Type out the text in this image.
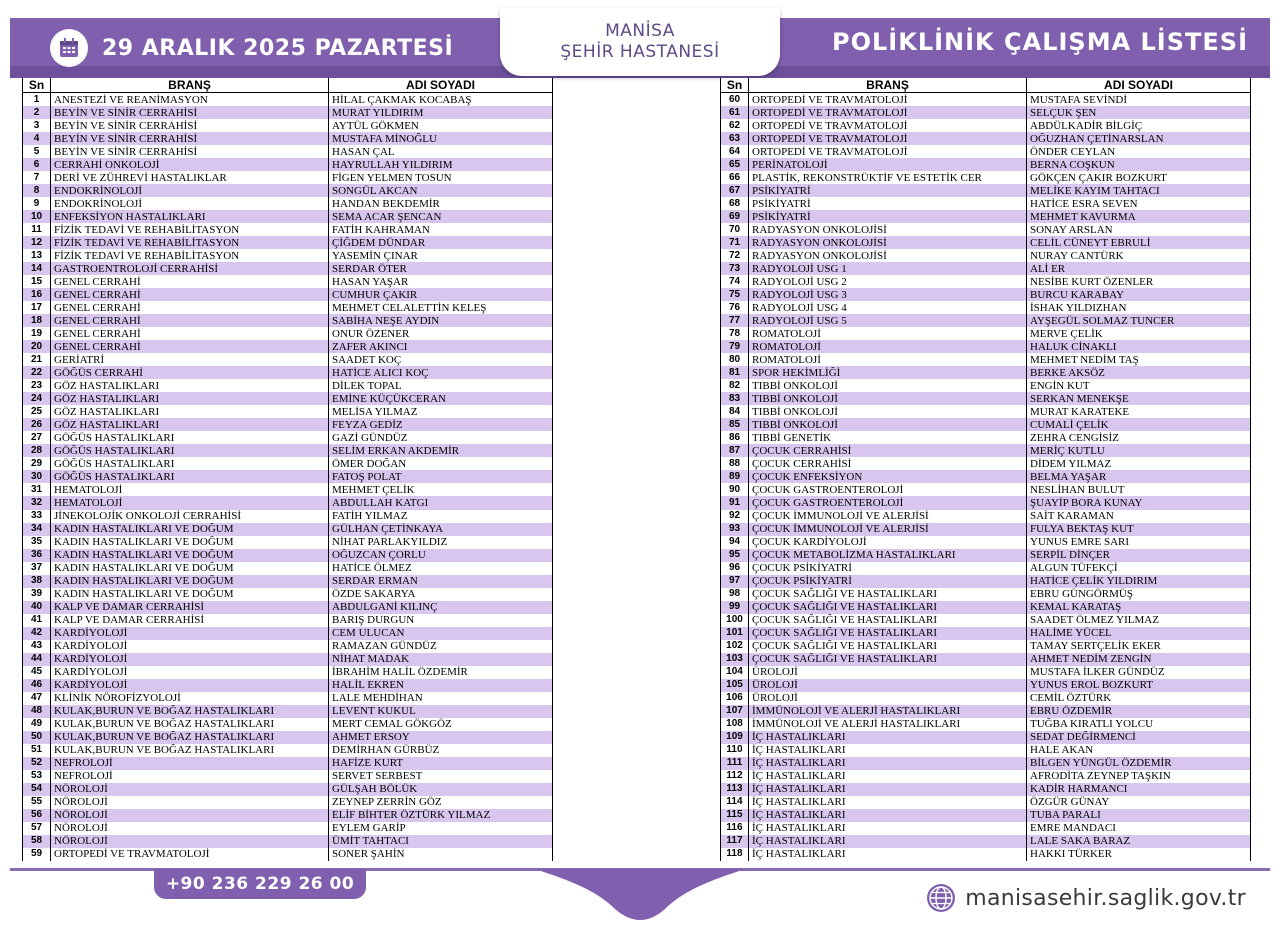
29 ARALIK 2025 PAZARTESİ
MANİSA
ŞEHİR HASTANESİ	POLİKLİNİK ÇALIŞMA LİSTESİ
Sn	BRANŞ	ADI SOYADI
1	ANESTEZİ VE REANİMASYON	HİLAL ÇAKMAK KOCABAŞ
2	BEYİN VE SİNİR CERRAHİSİ	MURAT YILDIRIM
3	BEYİN VE SİNİR CERRAHİSİ	AYTÜL GÖKMEN
4	BEYİN VE SİNİR CERRAHİSİ	MUSTAFA MİNOĞLU
5	BEYİN VE SİNİR CERRAHİSİ	HASAN ÇAL
6	CERRAHİ ONKOLOJİ	HAYRULLAH YILDIRIM
7	DERİ VE ZÜHREVİ HASTALIKLAR	FİGEN YELMEN TOSUN
8	ENDOKRİNOLOJİ	SONGÜL AKCAN
9	ENDOKRİNOLOJİ	HANDAN BEKDEMİR
10	ENFEKSİYON HASTALIKLARI	SEMA ACAR ŞENCAN
11	FİZİK TEDAVİ VE REHABİLİTASYON	FATİH KAHRAMAN
12	FİZİK TEDAVİ VE REHABİLİTASYON	ÇİĞDEM DÜNDAR
13	FİZİK TEDAVİ VE REHABİLİTASYON	YASEMİN ÇINAR
14	GASTROENTROLOJİ CERRAHİSİ	SERDAR ÖTER
15	GENEL CERRAHİ	HASAN YAŞAR
16	GENEL CERRAHİ	CUMHUR ÇAKIR
17	GENEL CERRAHİ	MEHMET CELALETTİN KELEŞ
18	GENEL CERRAHİ	SABİHA NEŞE AYDIN
19	GENEL CERRAHİ	ONUR ÖZENER
20	GENEL CERRAHİ	ZAFER AKINCI
21	GERİATRİ	SAADET KOÇ
22	GÖĞÜS CERRAHİ	HATİCE ALICI KOÇ
23	GÖZ HASTALIKLARI	DİLEK TOPAL
24	GÖZ HASTALIKLARI	EMİNE KÜÇÜKCERAN
25	GÖZ HASTALIKLARI	MELİSA YILMAZ
26	GÖZ HASTALIKLARI	FEYZA GEDİZ
27	GÖĞÜS HASTALIKLARI	GAZİ GÜNDÜZ
28	GÖĞÜS HASTALIKLARI	SELİM ERKAN AKDEMİR
29	GÖĞÜS HASTALIKLARI	ÖMER DOĞAN
30	GÖĞÜS HASTALIKLARI	FATOŞ POLAT
31	HEMATOLOJİ	MEHMET ÇELİK
32	HEMATOLOJİ	ABDULLAH KATGI
33	JİNEKOLOJİK ONKOLOJİ CERRAHİSİ	FATİH YILMAZ
34	KADIN HASTALIKLARI VE DOĞUM	GÜLHAN ÇETİNKAYA
35	KADIN HASTALIKLARI VE DOĞUM	NİHAT PARLAKYILDIZ
36	KADIN HASTALIKLARI VE DOĞUM	OĞUZCAN ÇORLU
37	KADIN HASTALIKLARI VE DOĞUM	HATİCE ÖLMEZ
38	KADIN HASTALIKLARI VE DOĞUM	SERDAR ERMAN
39	KADIN HASTALIKLARI VE DOĞUM	ÖZDE SAKARYA
40	KALP VE DAMAR CERRAHİSİ	ABDULGANİ KILINÇ
41	KALP VE DAMAR CERRAHİSİ	BARIŞ DURGUN
42	KARDİYOLOJİ	CEM ULUCAN
43	KARDİYOLOJİ	RAMAZAN GÜNDÜZ
44	KARDİYOLOJİ	NİHAT MADAK
45	KARDİYOLOJİ	İBRAHİM HALİL ÖZDEMİR
46	KARDİYOLOJİ	HALİL EKREN
47	KLİNİK NÖROFİZYOLOJİ	LALE MEHDİHAN
48	KULAK,BURUN VE BOĞAZ HASTALIKLARI	LEVENT KUKUL
49	KULAK,BURUN VE BOĞAZ HASTALIKLARI	MERT CEMAL GÖKGÖZ
50	KULAK,BURUN VE BOĞAZ HASTALIKLARI	AHMET ERSOY
51	KULAK,BURUN VE BOĞAZ HASTALIKLARI	DEMİRHAN GÜRBÜZ
52	NEFROLOJİ	HAFİZE KURT
53	NEFROLOJİ	SERVET SERBEST
54	NÖROLOJİ	GÜLŞAH BÖLÜK
55	NÖROLOJİ	ZEYNEP ZERRİN GÖZ
56	NÖROLOJİ	ELİF BİHTER ÖZTÜRK YILMAZ
57	NÖROLOJİ	EYLEM GARİP
58	NÖROLOJİ	ÜMİT TAHTACI
59	ORTOPEDİ VE TRAVMATOLOJİ	SONER ŞAHİN
Sn	BRANŞ	ADI SOYADI
60	ORTOPEDİ VE TRAVMATOLOJİ	MUSTAFA SEVİNDİ
61	ORTOPEDİ VE TRAVMATOLOJİ	SELÇUK ŞEN
62	ORTOPEDİ VE TRAVMATOLOJİ	ABDÜLKADİR BİLGİÇ
63	ORTOPEDİ VE TRAVMATOLOJİ	OĞUZHAN ÇETİNARSLAN
64	ORTOPEDİ VE TRAVMATOLOJİ	ÖNDER CEYLAN
65	PERİNATOLOJİ	BERNA COŞKUN
66	PLASTİK, REKONSTRÜKTİF VE ESTETİK CER	GÖKÇEN ÇAKIR BOZKURT
67	PSİKİYATRİ	MELİKE KAYIM TAHTACI
68	PSİKİYATRİ	HATİCE ESRA SEVEN
69	PSİKİYATRİ	MEHMET KAVURMA
70	RADYASYON ONKOLOJİSİ	SONAY ARSLAN
71	RADYASYON ONKOLOJİSİ	CELİL CÜNEYT EBRULİ
72	RADYASYON ONKOLOJİSİ	NURAY CANTÜRK
73	RADYOLOJİ USG 1	ALİ ER
74	RADYOLOJİ USG 2	NESİBE KURT ÖZENLER
75	RADYOLOJİ USG 3	BURCU KARABAY
76	RADYOLOJİ USG 4	İSHAK YILDIZHAN
77	RADYOLOJİ USG 5	AYŞEGÜL SOLMAZ TUNCER
78	ROMATOLOJİ	MERVE ÇELİK
79	ROMATOLOJİ	HALUK CİNAKLI
80	ROMATOLOJİ	MEHMET NEDİM TAŞ
81	SPOR HEKİMLİĞİ	BERKE AKSÖZ
82	TIBBİ ONKOLOJİ	ENGİN KUT
83	TIBBİ ONKOLOJİ	SERKAN MENEKŞE
84	TIBBİ ONKOLOJİ	MURAT KARATEKE
85	TIBBİ ONKOLOJİ	CUMALİ ÇELİK
86	TIBBİ GENETİK	ZEHRA CENGİSİZ
87	ÇOCUK CERRAHİSİ	MERİÇ KUTLU
88	ÇOCUK CERRAHİSİ	DİDEM YILMAZ
89	ÇOCUK ENFEKSİYON	BELMA YAŞAR
90	ÇOCUK GASTROENTEROLOJİ	NESLİHAN BULUT
91	ÇOCUK GASTROENTEROLOJİ	ŞUAYİP BORA KUNAY
92	ÇOCUK İMMUNOLOJİ VE ALERJİSİ	SAİT KARAMAN
93	ÇOCUK İMMUNOLOJİ VE ALERJİSİ	FULYA BEKTAŞ KUT
94	ÇOCUK KARDİYOLOJİ	YUNUS EMRE SARI
95	ÇOCUK METABOLİZMA HASTALIKLARI	SERPİL DİNÇER
96	ÇOCUK PSİKİYATRİ	ALGUN TÜFEKÇİ
97	ÇOCUK PSİKİYATRİ	HATİCE ÇELİK YILDIRIM
98	ÇOCUK SAĞLIĞI VE HASTALIKLARI	EBRU GÜNGÖRMÜŞ
99	ÇOCUK SAĞLIĞI VE HASTALIKLARI	KEMAL KARATAŞ
100	ÇOCUK SAĞLIĞI VE HASTALIKLARI	SAADET ÖLMEZ YILMAZ
101	ÇOCUK SAĞLIĞI VE HASTALIKLARI	HALİME YÜCEL
102	ÇOCUK SAĞLIĞI VE HASTALIKLARI	TAMAY SERTÇELİK EKER
103	ÇOCUK SAĞLIĞI VE HASTALIKLARI	AHMET NEDİM ZENGİN
104	ÜROLOJİ	MUSTAFA İLKER GÜNDÜZ
105	ÜROLOJİ	YUNUS EROL BOZKURT
106	ÜROLOJİ	CEMİL ÖZTÜRK
107	İMMÜNOLOJİ VE ALERJİ HASTALIKLARI	EBRU ÖZDEMİR
108	İMMÜNOLOJİ VE ALERJİ HASTALIKLARI	TUĞBA KIRATLI YOLCU
109	İÇ HASTALIKLARI	SEDAT DEĞİRMENCİ
110	İÇ HASTALIKLARI	HALE AKAN
111	İÇ HASTALIKLARI	BİLGEN YÜNGÜL ÖZDEMİR
112	İÇ HASTALIKLARI	AFRODİTA ZEYNEP TAŞKIN
113	İÇ HASTALIKLARI	KADİR HARMANCI
114	İÇ HASTALIKLARI	ÖZGÜR GÜNAY
115	İÇ HASTALIKLARI	TUBA PARALI
116	İÇ HASTALIKLARI	EMRE MANDACI
117	İÇ HASTALIKLARI	LALE SAKA BARAZ
118	İÇ HASTALIKLARI	HAKKI TÜRKER
+90 236 229 26 00
manisasehir.saglik.gov.tr
